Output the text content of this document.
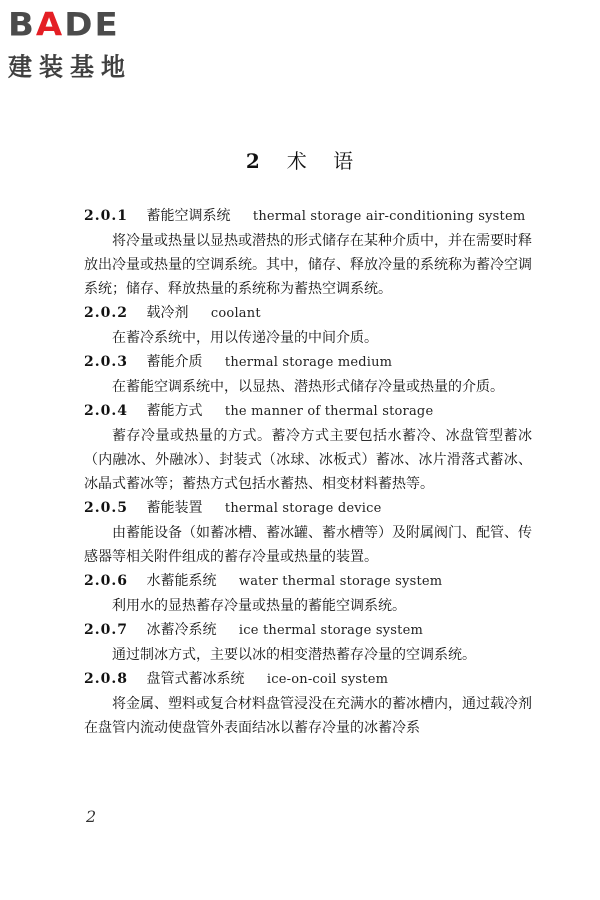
BADE
建装基地
2 术 语
2.0.1 蓄能空调系统 thermal storage air-conditioning system
将冷量或热量以显热或潜热的形式储存在某种介质中，并在需要时释放出冷量或热量的空调系统。其中，储存、释放冷量的系统称为蓄冷空调系统；储存、释放热量的系统称为蓄热空调系统。
2.0.2 载冷剂 coolant
在蓄冷系统中，用以传递冷量的中间介质。
2.0.3 蓄能介质 thermal storage medium
在蓄能空调系统中，以显热、潜热形式储存冷量或热量的介质。
2.0.4 蓄能方式 the manner of thermal storage
蓄存冷量或热量的方式。蓄冷方式主要包括水蓄冷、冰盘管型蓄冰（内融冰、外融冰）、封装式（冰球、冰板式）蓄冰、冰片滑落式蓄冰、冰晶式蓄冰等；蓄热方式包括水蓄热、相变材料蓄热等。
2.0.5 蓄能装置 thermal storage device
由蓄能设备（如蓄冰槽、蓄冰罐、蓄水槽等）及附属阀门、配管、传感器等相关附件组成的蓄存冷量或热量的装置。
2.0.6 水蓄能系统 water thermal storage system
利用水的显热蓄存冷量或热量的蓄能空调系统。
2.0.7 冰蓄冷系统 ice thermal storage system
通过制冰方式，主要以冰的相变潜热蓄存冷量的空调系统。
2.0.8 盘管式蓄冰系统 ice-on-coil system
将金属、塑料或复合材料盘管浸没在充满水的蓄冰槽内，通过载冷剂在盘管内流动使盘管外表面结冰以蓄存冷量的冰蓄冷系
2
